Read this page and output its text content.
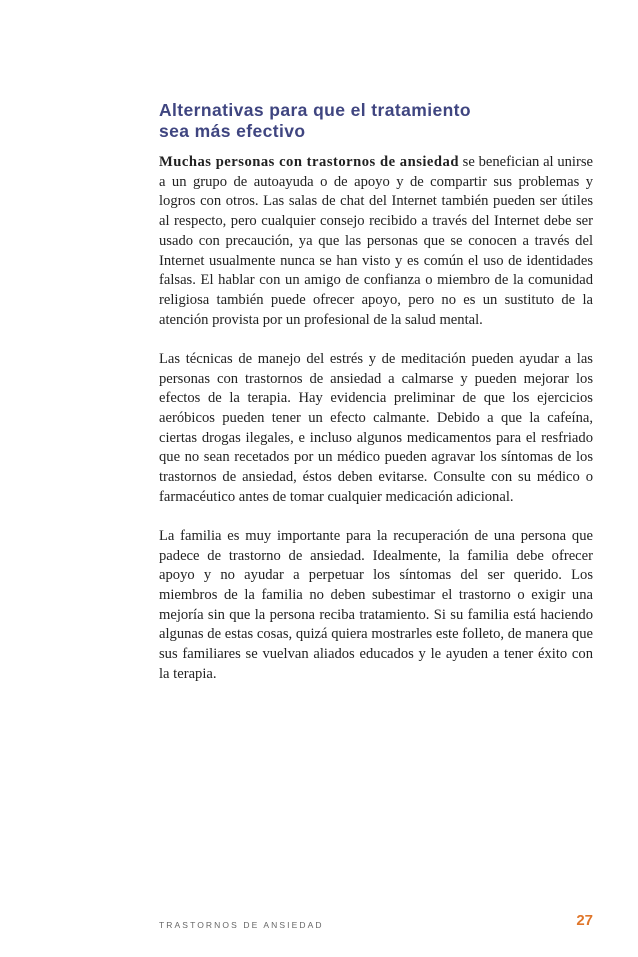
Alternativas para que el tratamiento
sea más efectivo

Muchas personas con trastornos de ansiedad se benefician al unirse a un grupo de autoayuda o de apoyo y de compartir sus problemas y logros con otros. Las salas de chat del Internet también pueden ser útiles al respecto, pero cualquier consejo recibido a través del Internet debe ser usado con precaución, ya que las personas que se conocen a través del Internet usualmente nunca se han visto y es común el uso de identidades falsas. El hablar con un amigo de confianza o miembro de la comunidad religiosa también puede ofrecer apoyo, pero no es un sustituto de la atención provista por un profesional de la salud mental.

Las técnicas de manejo del estrés y de meditación pueden ayudar a las personas con trastornos de ansiedad a calmarse y pueden mejorar los efectos de la terapia. Hay evidencia preliminar de que los ejercicios aeróbicos pueden tener un efecto calmante. Debido a que la cafeína, ciertas drogas ilegales, e incluso algunos medicamentos para el resfriado que no sean recetados por un médico pueden agravar los síntomas de los trastornos de ansiedad, éstos deben evitarse. Consulte con su médico o farmacéutico antes de tomar cualquier medicación adicional.

La familia es muy importante para la recuperación de una persona que padece de trastorno de ansiedad. Idealmente, la familia debe ofrecer apoyo y no ayudar a perpetuar los síntomas del ser querido. Los miembros de la familia no deben subestimar el trastorno o exigir una mejoría sin que la persona reciba tratamiento. Si su familia está haciendo algunas de estas cosas, quizá quiera mostrarles este folleto, de manera que sus familiares se vuelvan aliados educados y le ayuden a tener éxito con la terapia.

TRASTORNOS DE ANSIEDAD	27
